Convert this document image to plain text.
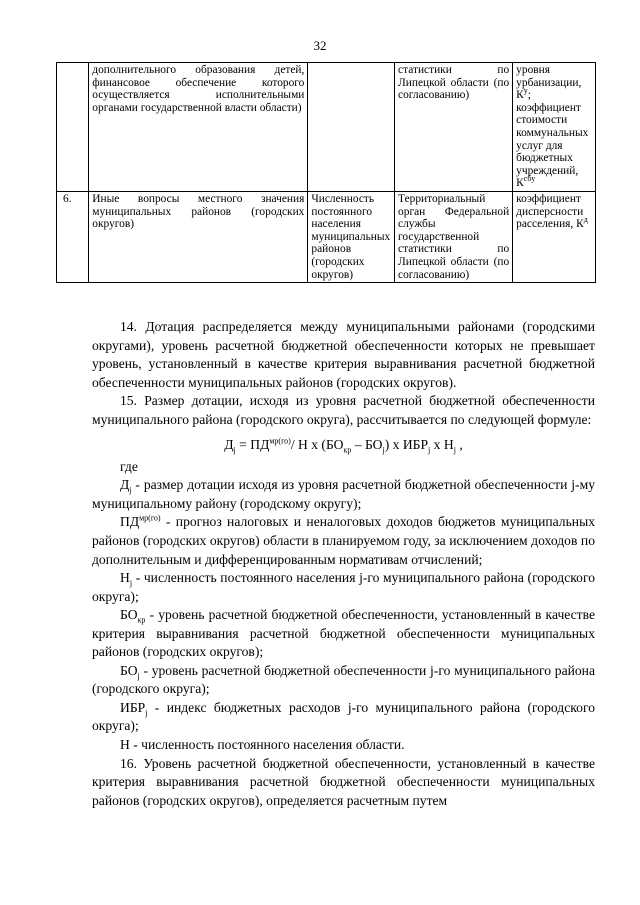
32
	дополнительного образования детей, финансовое обеспечение которого осуществляется исполнительными органами государственной власти области)		статистики по Липецкой области (по согласованию)	уровня урбанизации, $К^у$; коэффициент стоимости коммунальных услуг для бюджетных учреждений, $К^{сбу}$
6.	Иные вопросы местного значения муниципальных районов (городских округов)	Численность постоянного населения муниципальных районов (городских округов)	Территориальный орган Федеральной службы государственной статистики по Липецкой области (по согласованию)	коэффициент дисперсности расселения, $К^д$

14. Дотация распределяется между муниципальными районами (городскими округами), уровень расчетной бюджетной обеспеченности которых не превышает уровень, установленный в качестве критерия выравнивания расчетной бюджетной обеспеченности муниципальных районов (городских округов).

15. Размер дотации, исходя из уровня расчетной бюджетной обеспеченности муниципального района (городского округа), рассчитывается по следующей формуле:

$Д_j = ПД^{мр(го)}/$ Н х $(БО_{кр} - БО_j)$ х $ИБР_j$ х $Н_j$ ,

где

$Д_j$ - размер дотации исходя из уровня расчетной бюджетной обеспеченности j-му муниципальному району (городскому округу);

$ПД^{мр(го)}$ - прогноз налоговых и неналоговых доходов бюджетов муниципальных районов (городских округов) области в планируемом году, за исключением доходов по дополнительным и дифференцированным нормативам отчислений;

$Н_j$ - численность постоянного населения j-го муниципального района (городского округа);

$БО_{кр}$ - уровень расчетной бюджетной обеспеченности, установленный в качестве критерия выравнивания расчетной бюджетной обеспеченности муниципальных районов (городских округов);

$БО_j$ - уровень расчетной бюджетной обеспеченности j-го муниципального района (городского округа);

$ИБР_j$ - индекс бюджетных расходов j-го муниципального района (городского округа);

Н - численность постоянного населения области.

16. Уровень расчетной бюджетной обеспеченности, установленный в качестве критерия выравнивания расчетной бюджетной обеспеченности муниципальных районов (городских округов), определяется расчетным путем
